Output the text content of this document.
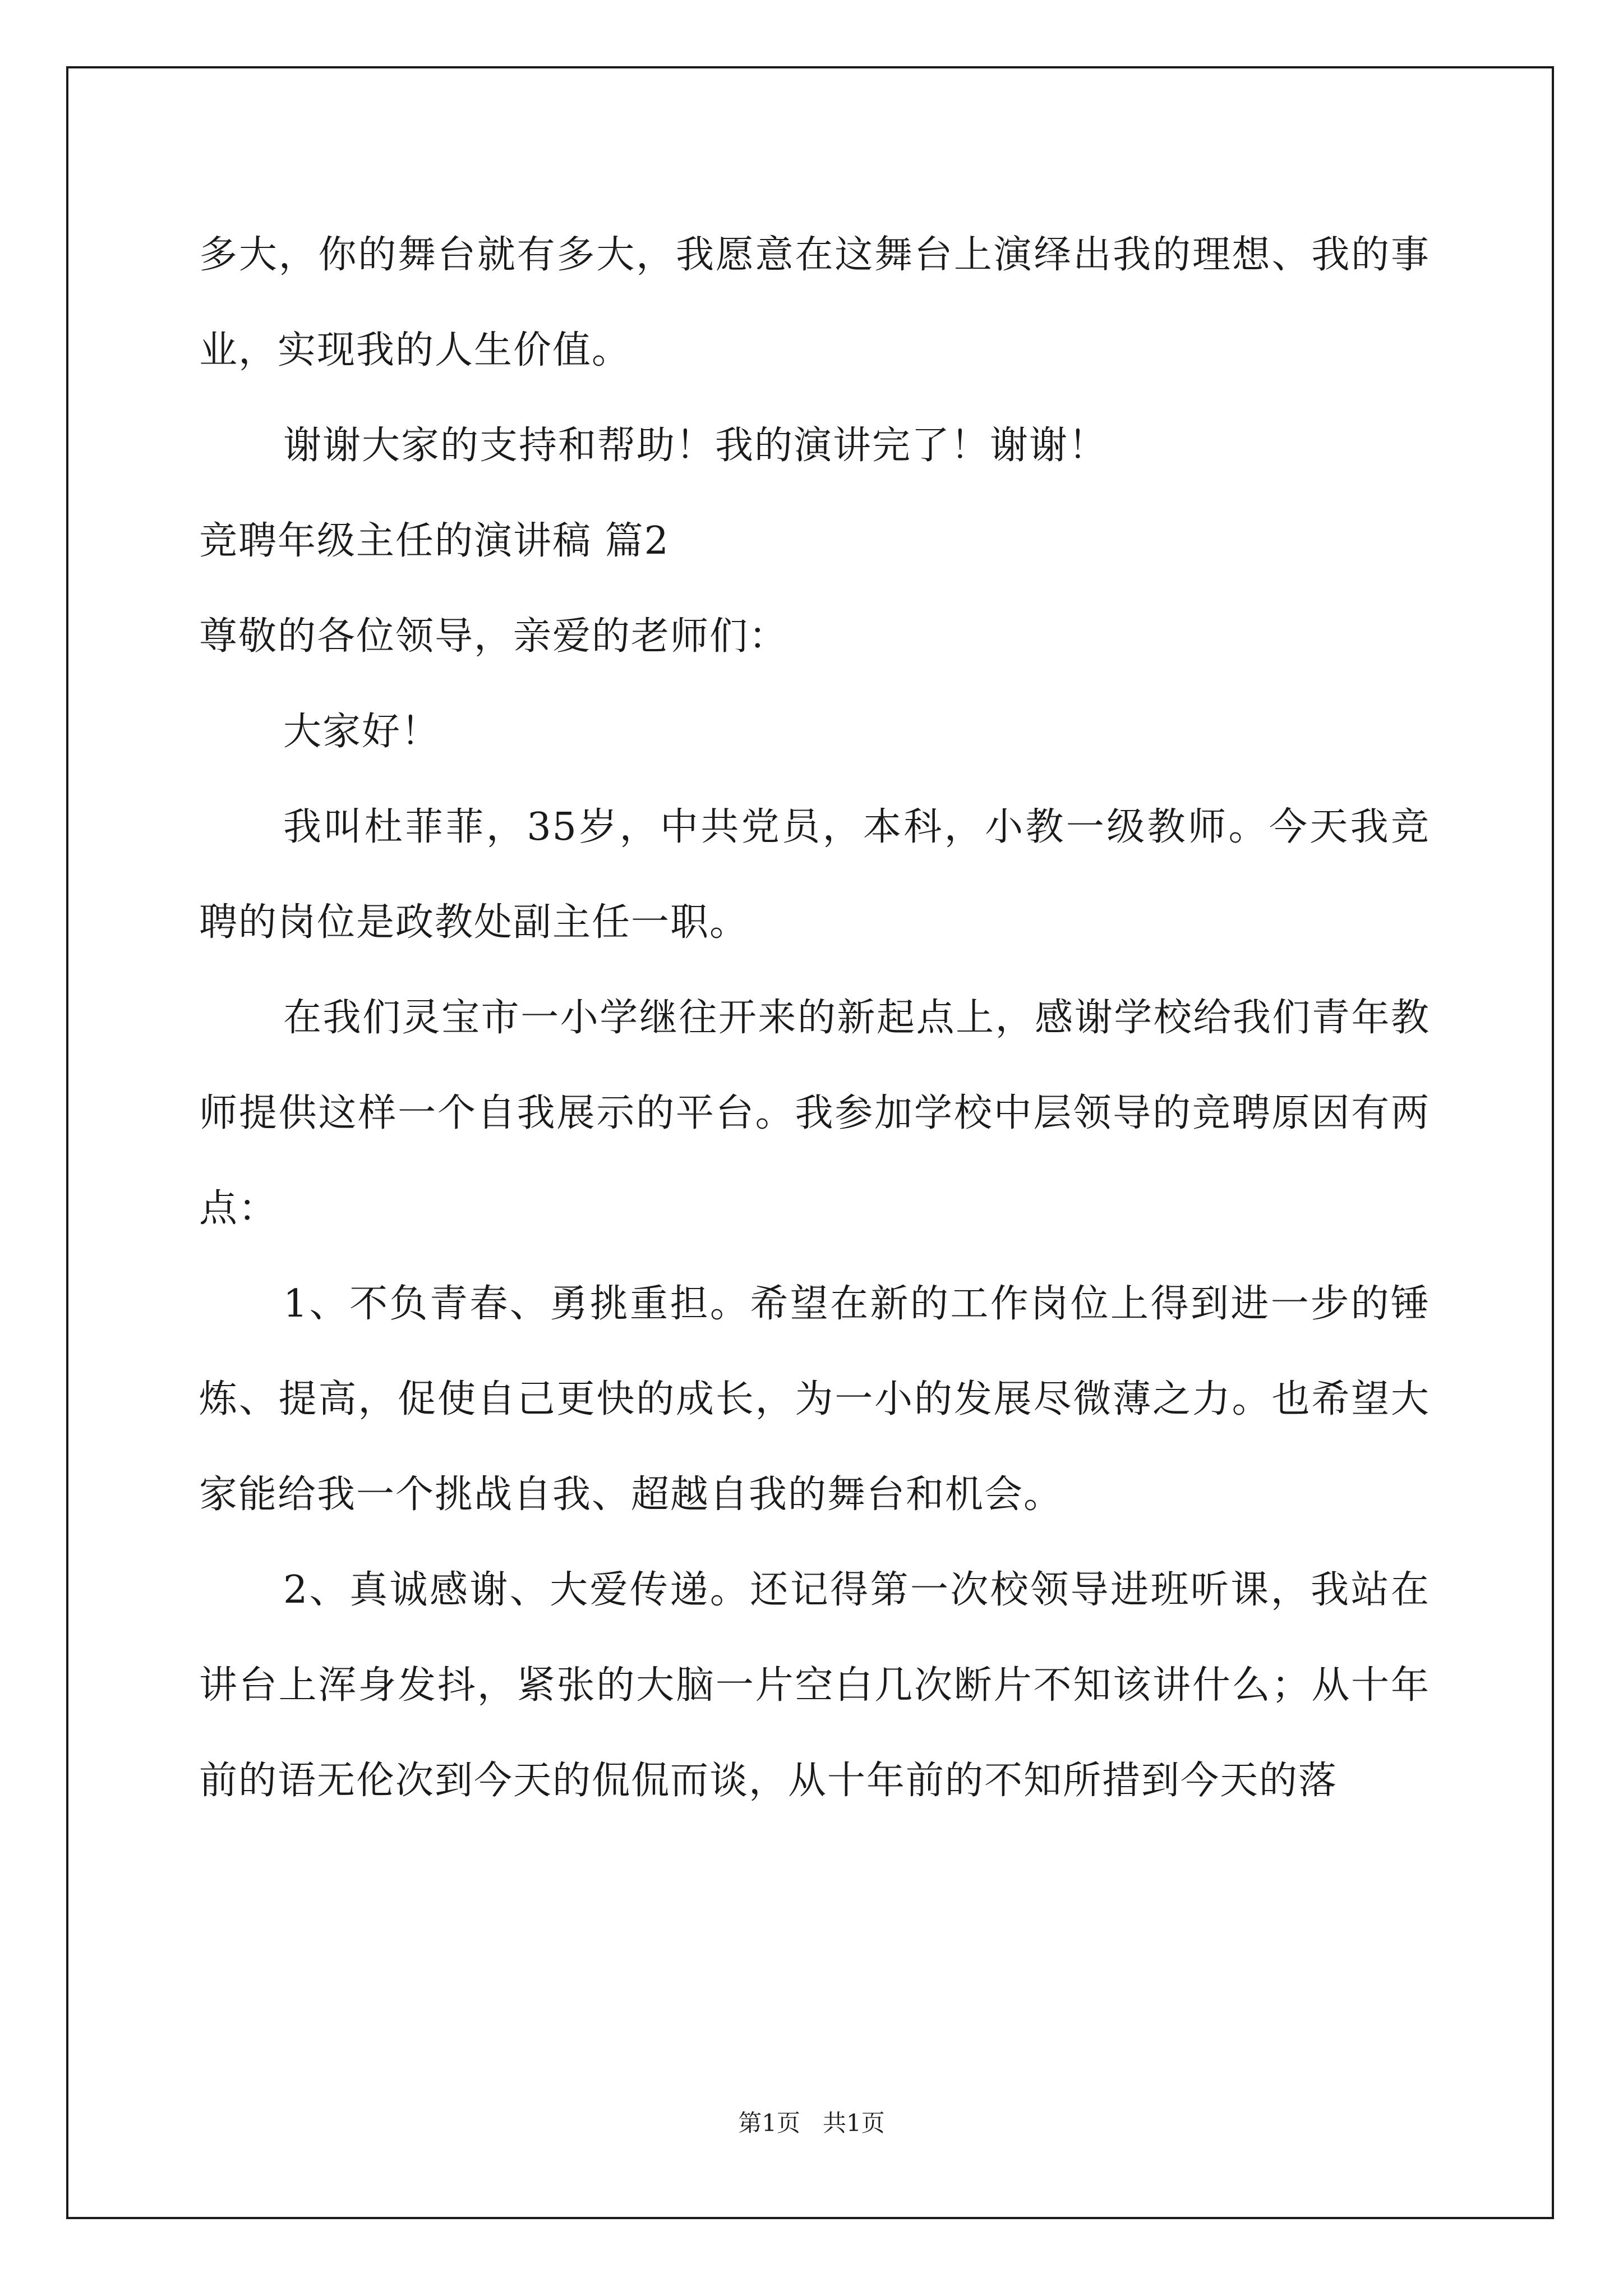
多大，你的舞台就有多大，我愿意在这舞台上演绎出我的理想、我的事业，实现我的人生价值。

谢谢大家的支持和帮助！我的演讲完了！谢谢！

竞聘年级主任的演讲稿 篇2

尊敬的各位领导，亲爱的老师们：

大家好！

我叫杜菲菲，35岁，中共党员，本科，小教一级教师。今天我竞聘的岗位是政教处副主任一职。

在我们灵宝市一小学继往开来的新起点上，感谢学校给我们青年教师提供这样一个自我展示的平台。我参加学校中层领导的竞聘原因有两点：

1、不负青春、勇挑重担。希望在新的工作岗位上得到进一步的锤炼、提高，促使自己更快的成长，为一小的发展尽微薄之力。也希望大家能给我一个挑战自我、超越自我的舞台和机会。

2、真诚感谢、大爱传递。还记得第一次校领导进班听课，我站在讲台上浑身发抖，紧张的大脑一片空白几次断片不知该讲什么；从十年前的语无伦次到今天的侃侃而谈，从十年前的不知所措到今天的落

第1页   共1页
